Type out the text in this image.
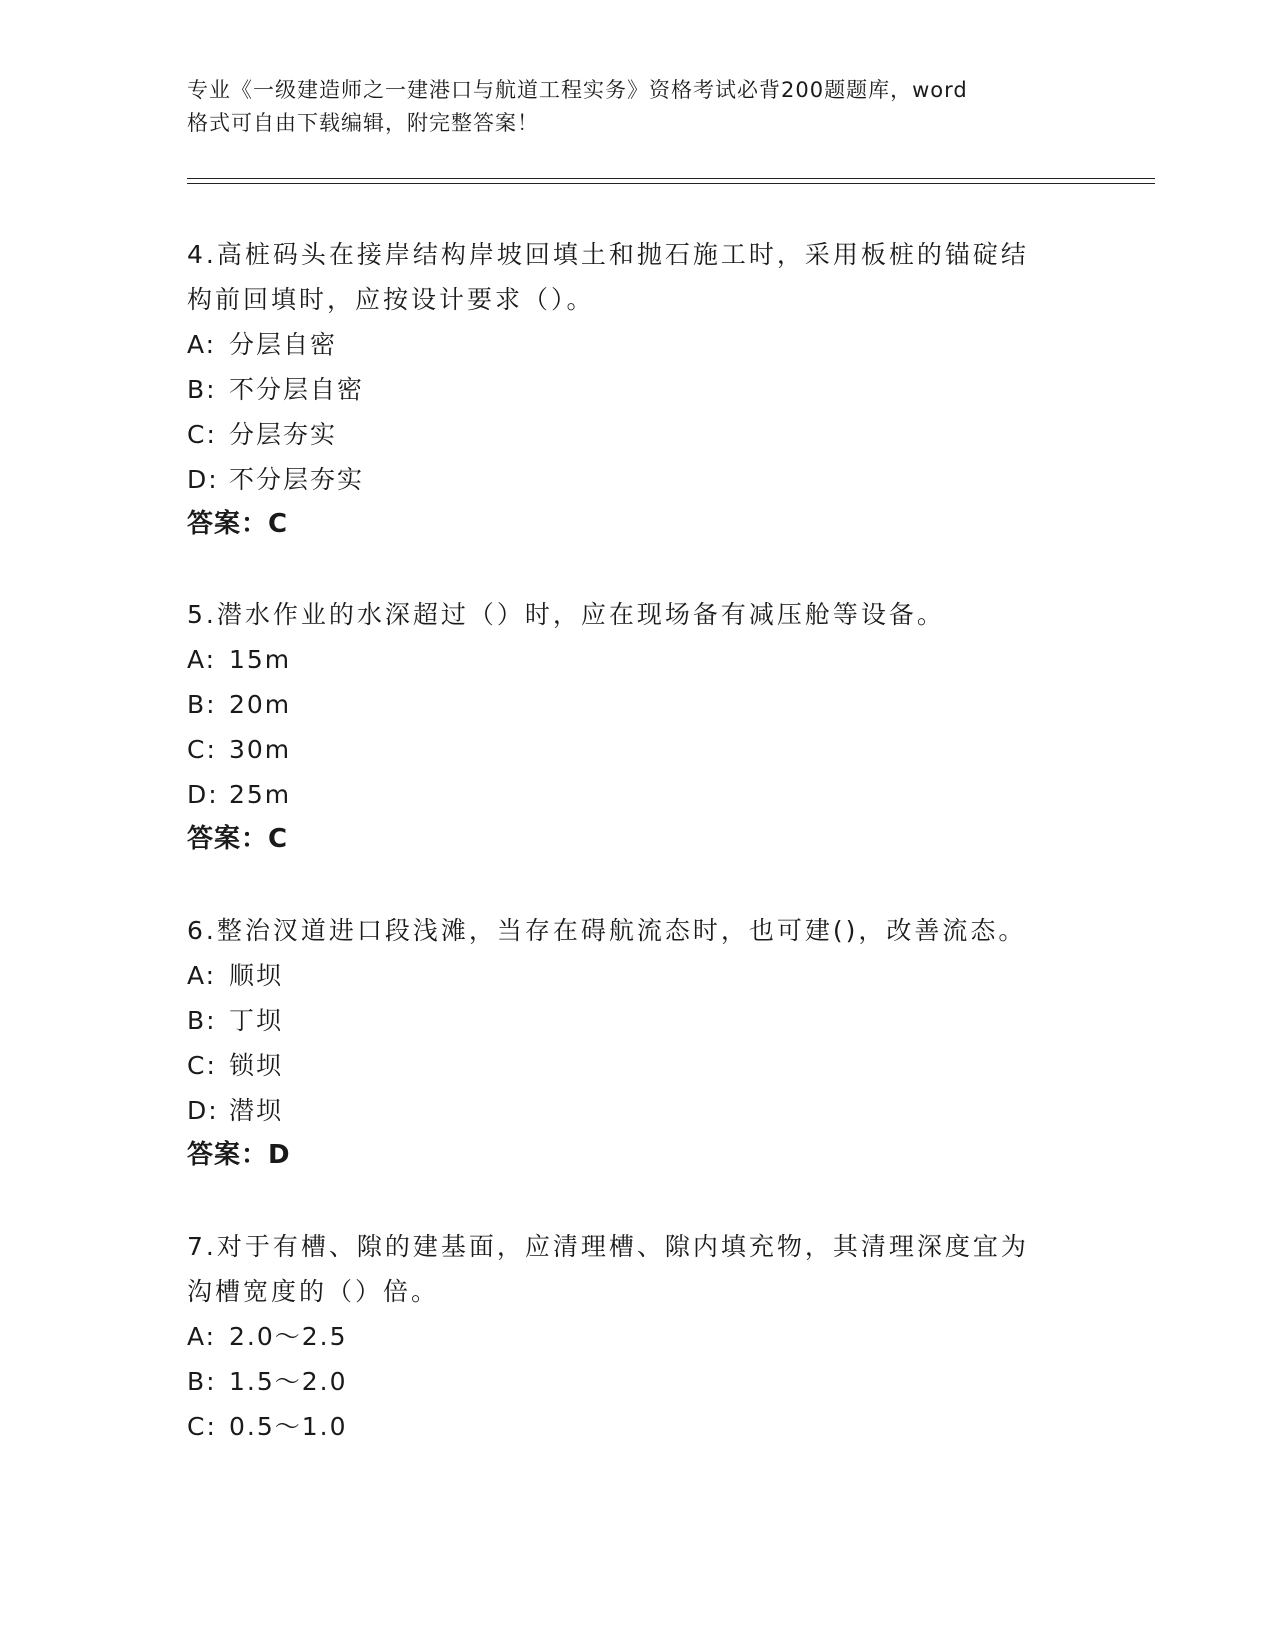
专业《一级建造师之一建港口与航道工程实务》资格考试必背200题题库，word
格式可自由下载编辑，附完整答案！

4.高桩码头在接岸结构岸坡回填土和抛石施工时，采用板桩的锚碇结

构前回填时，应按设计要求（）。

A: 分层自密

B: 不分层自密

C: 分层夯实

D: 不分层夯实

答案：C

5.潜水作业的水深超过（）时，应在现场备有减压舱等设备。

A: 15m

B: 20m

C: 30m

D: 25m

答案：C

6.整治汊道进口段浅滩，当存在碍航流态时，也可建()，改善流态。

A: 顺坝

B: 丁坝

C: 锁坝

D: 潜坝

答案：D

7.对于有槽、隙的建基面，应清理槽、隙内填充物，其清理深度宜为

沟槽宽度的（）倍。

A: 2.0～2.5

B: 1.5～2.0

C: 0.5～1.0
